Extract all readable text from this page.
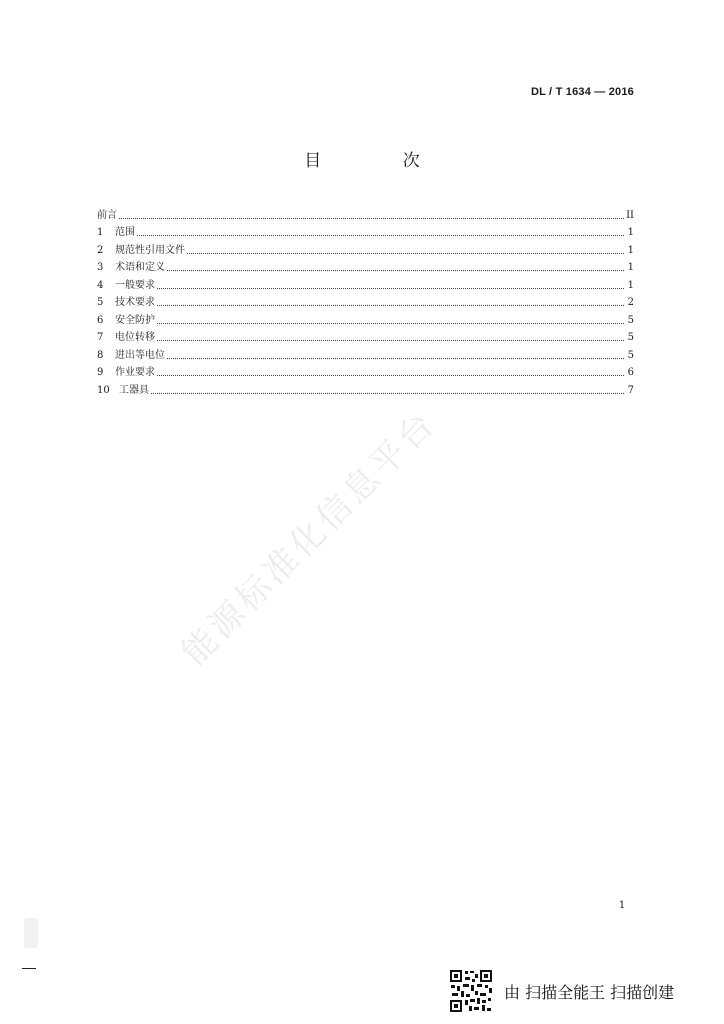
DL / T 1634 — 2016
目 次
前言	II
1	范围	1
2	规范性引用文件	1
3	术语和定义	1
4	一般要求	1
5	技术要求	2
6	安全防护	5
7	电位转移	5
8	进出等电位	5
9	作业要求	6
10 工器具	7
能源标准化信息平台
1
由 扫描全能王 扫描创建
